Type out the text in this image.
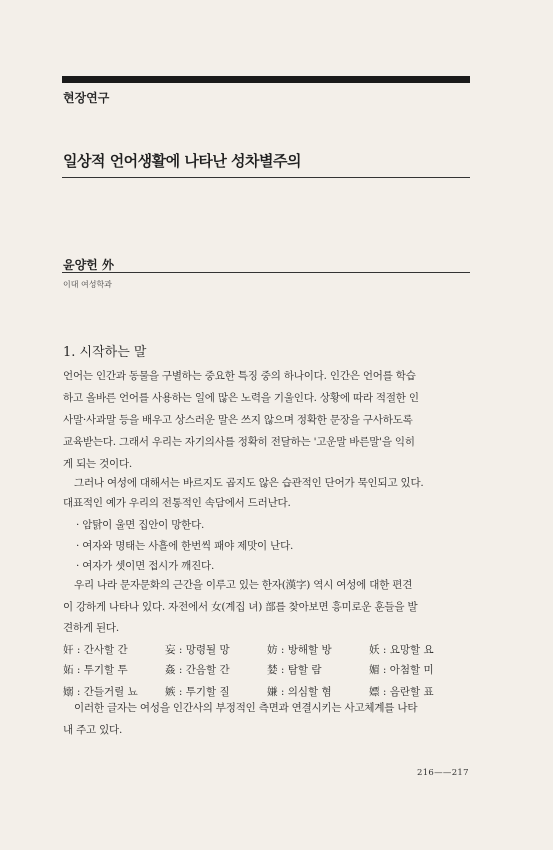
현장연구
일상적 언어생활에 나타난 성차별주의
윤양헌 外
이대 여성학과
1. 시작하는 말
언어는 인간과 동물을 구별하는 중요한 특징 중의 하나이다. 인간은 언어를 학습
하고 올바른 언어를 사용하는 일에 많은 노력을 기울인다. 상황에 따라 적절한 인
사말·사과말 등을 배우고 상스러운 말은 쓰지 않으며 정확한 문장을 구사하도록
교육받는다. 그래서 우리는 자기의사를 정확히 전달하는 '고운말 바른말'을 익히
게 되는 것이다.
그러나 여성에 대해서는 바르지도 곱지도 않은 습관적인 단어가 묵인되고 있다.
대표적인 예가 우리의 전통적인 속담에서 드러난다.
· 암탉이 울면 집안이 망한다.
· 여자와 명태는 사흘에 한번씩 패야 제맛이 난다.
· 여자가 셋이면 접시가 깨진다.
우리 나라 문자문화의 근간을 이루고 있는 한자(漢字) 역시 여성에 대한 편견
이 강하게 나타나 있다. 자전에서 女(계집 녀) 部를 찾아보면 흥미로운 훈들을 발
견하게 된다.
奸 : 간사할 간	妄 : 망령될 망	妨 : 방해할 방	妖 : 요망할 요
妬 : 투기할 투	姦 : 간음할 간	婪 : 탐할 람	媚 : 아첨할 미
嫋 : 간들거릴 뇨	嫉 : 투기할 질	嫌 : 의심할 혐	嫖 : 음란할 표
이러한 글자는 여성을 인간사의 부정적인 측면과 연결시키는 사고체계를 나타
내 주고 있다.
216——217
